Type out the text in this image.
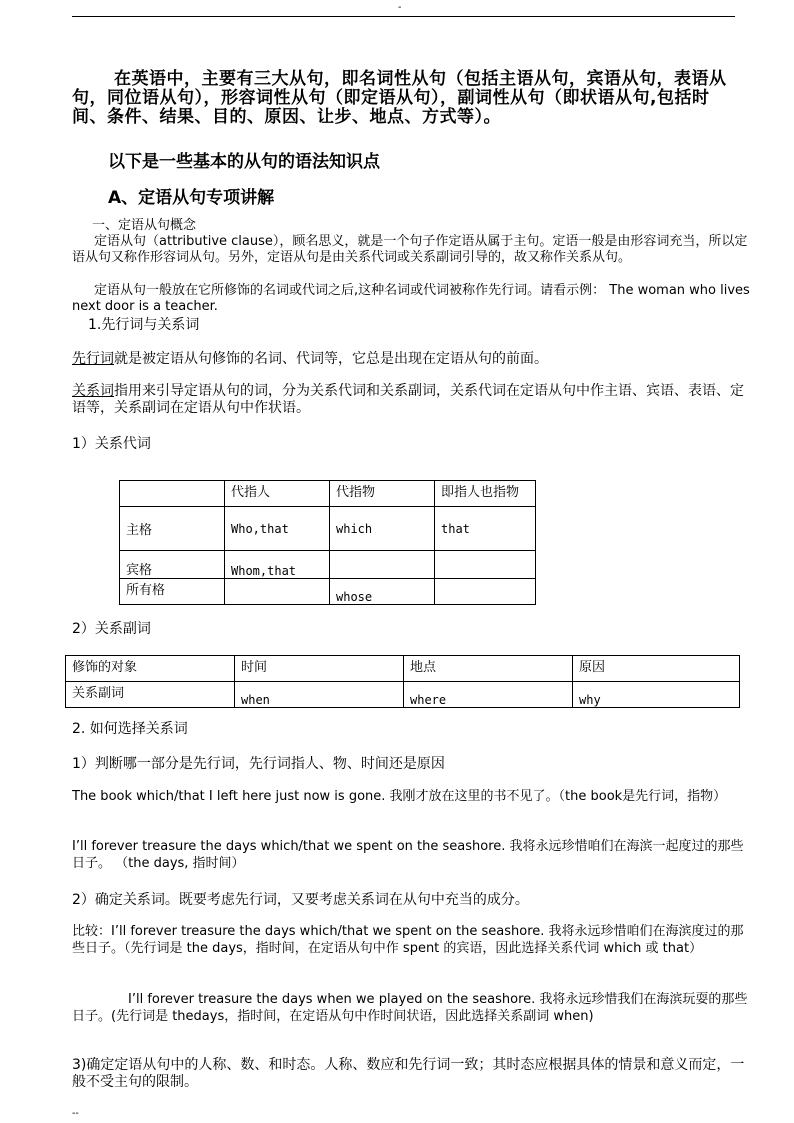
-

在英语中，主要有三大从句，即名词性从句（包括主语从句，宾语从句，表语从句，同位语从句），形容词性从句（即定语从句），副词性从句（即状语从句,包括时间、条件、结果、目的、原因、让步、地点、方式等）。

以下是一些基本的从句的语法知识点

A、定语从句专项讲解

一、定语从句概念

定语从句（attributive clause），顾名思义，就是一个句子作定语从属于主句。定语一般是由形容词充当，所以定语从句又称作形容词从句。另外，定语从句是由关系代词或关系副词引导的，故又称作关系从句。

定语从句一般放在它所修饰的名词或代词之后,这种名词或代词被称作先行词。请看示例： The woman who lives next door is a teacher.

1.先行词与关系词

先行词就是被定语从句修饰的名词、代词等，它总是出现在定语从句的前面。

关系词指用来引导定语从句的词，分为关系代词和关系副词，关系代词在定语从句中作主语、宾语、表语、定语等，关系副词在定语从句中作状语。

1）关系代词

	代指人	代指物	即指人也指物
主格	Who,that	which	that
宾格	Whom,that		
所有格		whose	

2）关系副词

修饰的对象	时间	地点	原因
关系副词	when	where	why

2. 如何选择关系词

1）判断哪一部分是先行词，先行词指人、物、时间还是原因

The book which/that I left here just now is gone. 我刚才放在这里的书不见了。（the book是先行词，指物）

I’ll forever treasure the days which/that we spent on the seashore. 我将永远珍惜咱们在海滨一起度过的那些日子。 （the days, 指时间）

2）确定关系词。既要考虑先行词，又要考虑关系词在从句中充当的成分。

比较：I’ll forever treasure the days which/that we spent on the seashore. 我将永远珍惜咱们在海滨度过的那些日子。（先行词是 the days，指时间，在定语从句中作 spent 的宾语，因此选择关系代词 which 或 that）

I’ll forever treasure the days when we played on the seashore. 我将永远珍惜我们在海滨玩耍的那些日子。(先行词是 thedays，指时间，在定语从句中作时间状语，因此选择关系副词 when)

3)确定定语从句中的人称、数、和时态。人称、数应和先行词一致；其时态应根据具体的情景和意义而定，一般不受主句的限制。

--
